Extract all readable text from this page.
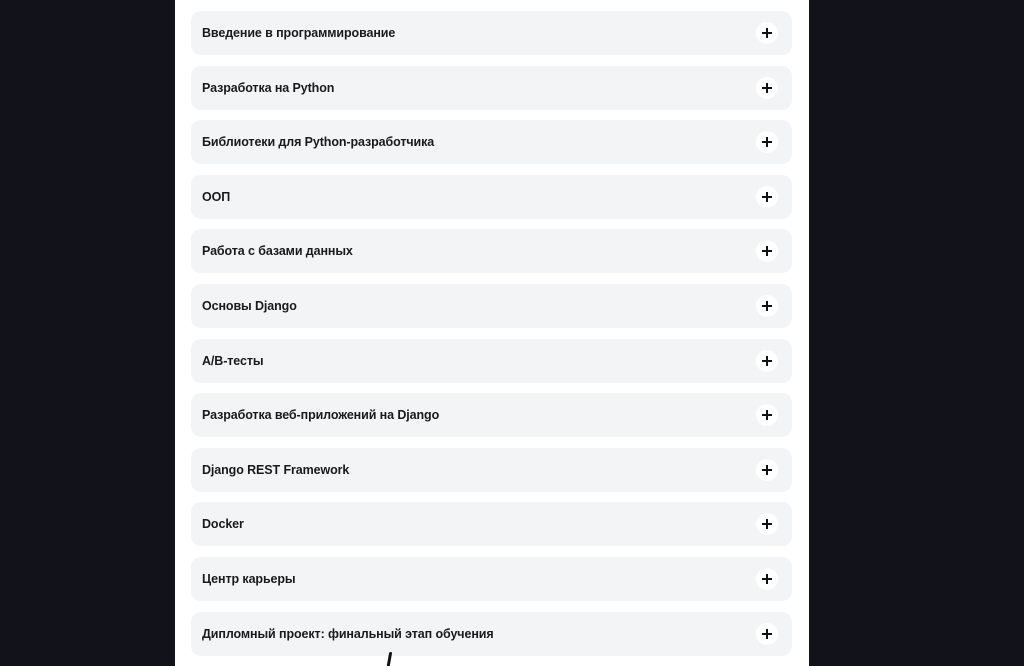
Введение в программирование
Разработка на Python
Библиотеки для Python-разработчика
ООП
Работа с базами данных
Основы Django
A/B-тесты
Разработка веб-приложений на Django
Django REST Framework
Docker
Центр карьеры
Дипломный проект: финальный этап обучения
